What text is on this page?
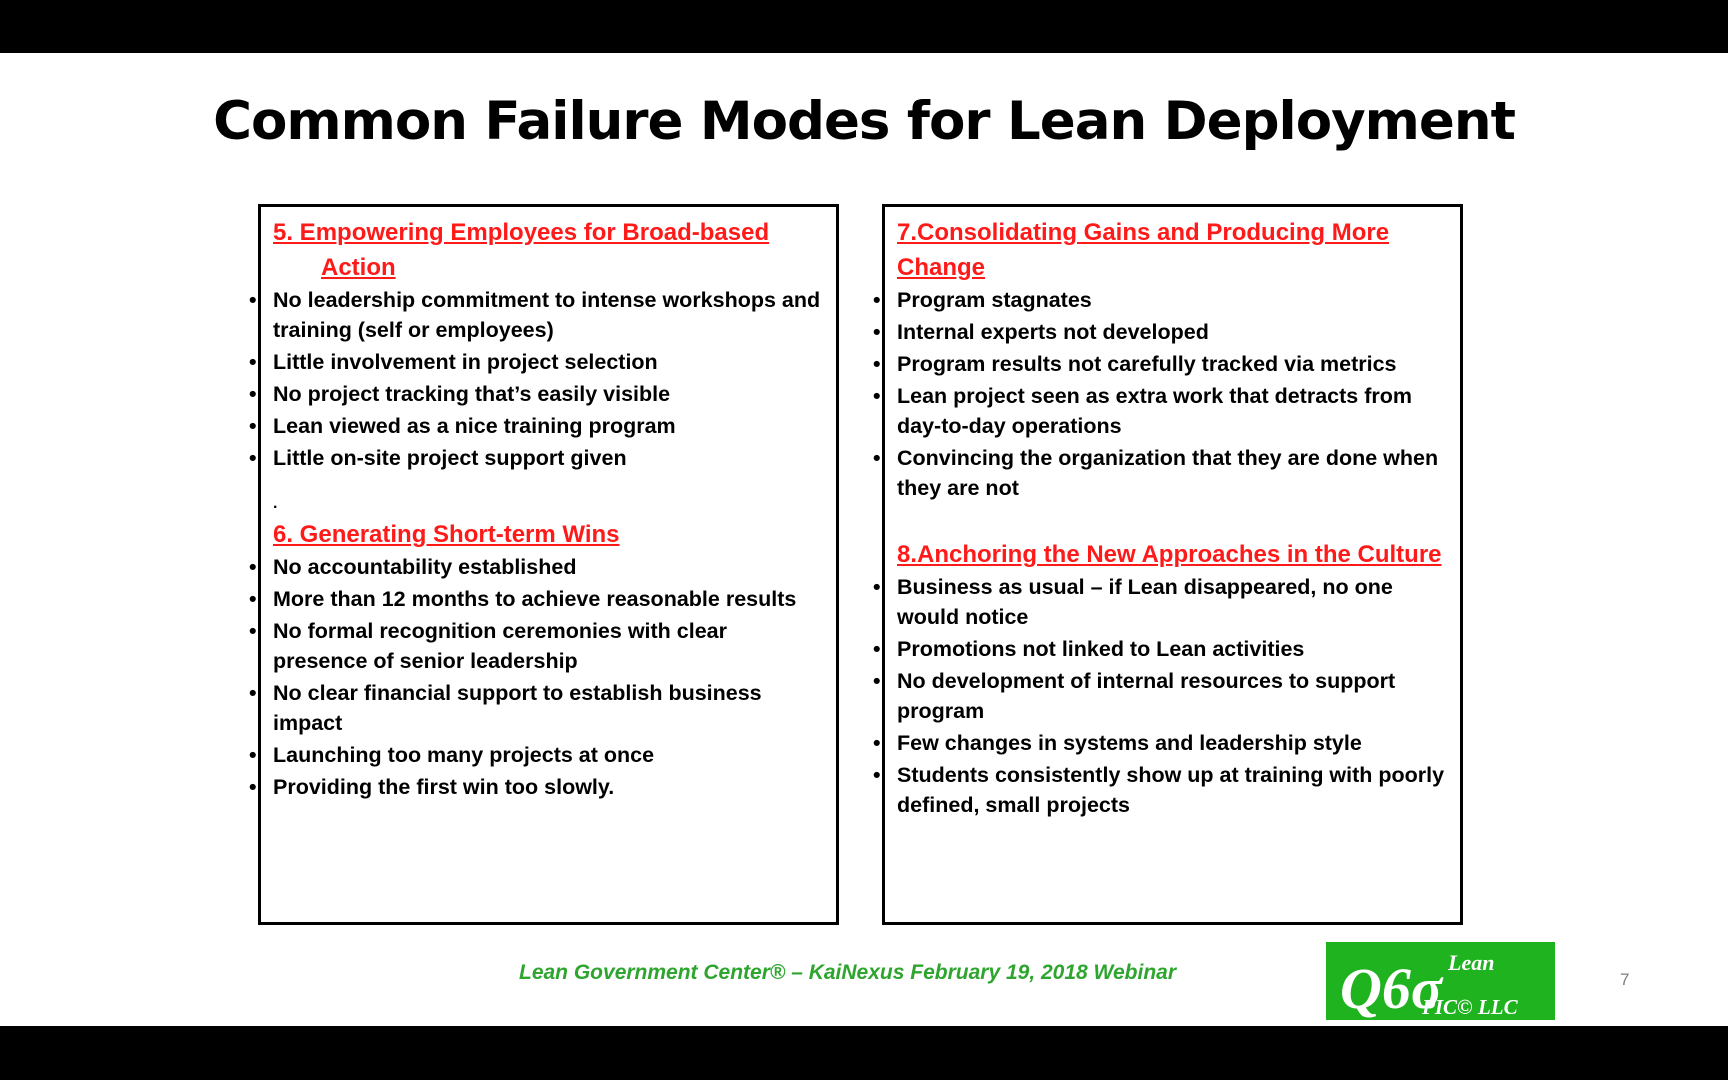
Common Failure Modes for Lean Deployment

5. Empowering Employees for Broad-based Action

• No leadership commitment to intense workshops and training (self or employees)
• Little involvement in project selection
• No project tracking that’s easily visible
• Lean viewed as a nice training program
• Little on-site project support given

.

6. Generating Short-term Wins

• No accountability established
• More than 12 months to achieve reasonable results
• No formal recognition ceremonies with clear presence of senior leadership
• No clear financial support to establish business impact
• Launching too many projects at once
• Providing the first win too slowly.

7.Consolidating Gains and Producing More Change

• Program stagnates
• Internal experts not developed
• Program results not carefully tracked via metrics
• Lean project seen as extra work that detracts from day-to-day operations
• Convincing the organization that they are done when they are not

8.Anchoring the New Approaches in the Culture

• Business as usual – if Lean disappeared, no one would notice
• Promotions not linked to Lean activities
• No development of internal resources to support program
• Few changes in systems and leadership style
• Students consistently show up at training with poorly defined, small projects
Lean Government Center® – KaiNexus February 19, 2018 Webinar	Q6σ Lean
PIC© LLC
7
